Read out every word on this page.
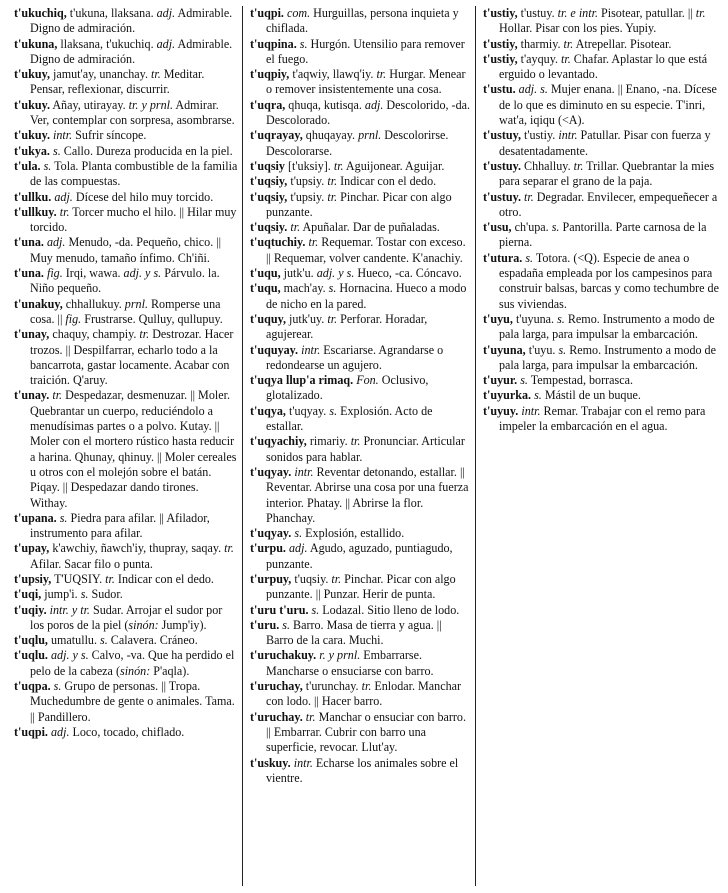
t'ukuchiq, t'ukuna, llaksana. adj. Admirable. Digno de admiración.

t'ukuna, llaksana, t'ukuchiq. adj. Admirable. Digno de admiración.

t'ukuy, jamut'ay, unanchay. tr. Meditar. Pensar, reflexionar, discurrir.

t'ukuy. Añay, utirayay. tr. y prnl. Admirar. Ver, contemplar con sorpresa, asombrarse.

t'ukuy. intr. Sufrir síncope.

t'ukya. s. Callo. Dureza producida en la piel.

t'ula. s. Tola. Planta combustible de la familia de las compuestas.

t'ullku. adj. Dícese del hilo muy torcido.

t'ullkuy. tr. Torcer mucho el hilo. || Hilar muy torcido.

t'una. adj. Menudo, -da. Pequeño, chico. || Muy menudo, tamaño ínfimo. Ch'iñi.

t'una. fig. Irqi, wawa. adj. y s. Párvulo. la. Niño pequeño.

t'unakuy, chhallukuy. prnl. Romperse una cosa. || fig. Frustrarse. Qulluy, qullupuy.

t'unay, chaquy, champiy. tr. Destrozar. Hacer trozos. || Despilfarrar, echarlo todo a la bancarrota, gastar locamente. Acabar con traición. Q'aruy.

t'unay. tr. Despedazar, desmenuzar. || Moler. Quebrantar un cuerpo, reduciéndolo a menudísimas partes o a polvo. Kutay. || Moler con el mortero rústico hasta reducir a harina. Qhunay, qhinuy. || Moler cereales u otros con el molejón sobre el batán. Piqay. || Despedazar dando tirones. Withay.

t'upana. s. Piedra para afilar. || Afilador, instrumento para afilar.

t'upay, k'awchiy, ñawch'iy, thupray, saqay. tr. Afilar. Sacar filo o punta.

t'upsiy, T'UQSIY. tr. Indicar con el dedo.

t'uqi, jump'i. s. Sudor.

t'uqiy. intr. y tr. Sudar. Arrojar el sudor por los poros de la piel (sinón: Jump'iy).

t'uqlu, umatullu. s. Calavera. Cráneo.

t'uqlu. adj. y s. Calvo, -va. Que ha perdido el pelo de la cabeza (sinón: P'aqla).

t'uqpa. s. Grupo de personas. || Tropa. Muchedumbre de gente o animales. Tama. || Pandillero.

t'uqpi. adj. Loco, tocado, chiflado.

t'uqpi. com. Hurguillas, persona inquieta y chiflada.

t'uqpina. s. Hurgón. Utensilio para remover el fuego.

t'uqpiy, t'aqwiy, llawq'iy. tr. Hurgar. Menear o remover insistentemente una cosa.

t'uqra, qhuqa, kutisqa. adj. Descolorido, -da. Descolorado.

t'uqrayay, qhuqayay. prnl. Descolorirse. Descolorarse.

t'uqsiy [t'uksiy]. tr. Aguijonear. Aguijar.

t'uqsiy, t'upsiy. tr. Indicar con el dedo.

t'uqsiy, t'upsiy. tr. Pinchar. Picar con algo punzante.

t'uqsiy. tr. Apuñalar. Dar de puñaladas.

t'uqtuchiy. tr. Requemar. Tostar con exceso. || Requemar, volver candente. K'anachiy.

t'uqu, jutk'u. adj. y s. Hueco, -ca. Cóncavo.

t'uqu, mach'ay. s. Hornacina. Hueco a modo de nicho en la pared.

t'uquy, jutk'uy. tr. Perforar. Horadar, agujerear.

t'uquyay. intr. Escariarse. Agrandarse o redondearse un agujero.

t'uqya llup'a rimaq. Fon. Oclusivo, glotalizado.

t'uqya, t'uqyay. s. Explosión. Acto de estallar.

t'uqyachiy, rimariy. tr. Pronunciar. Articular sonidos para hablar.

t'uqyay. intr. Reventar detonando, estallar. || Reventar. Abrirse una cosa por una fuerza interior. Phatay. || Abrirse la flor. Phanchay.

t'uqyay. s. Explosión, estallido.

t'urpu. adj. Agudo, aguzado, puntiagudo, punzante.

t'urpuy, t'uqsiy. tr. Pinchar. Picar con algo punzante. || Punzar. Herir de punta.

t'uru t'uru. s. Lodazal. Sitio lleno de lodo.

t'uru. s. Barro. Masa de tierra y agua. || Barro de la cara. Muchi.

t'uruchakuy. r. y prnl. Embarrarse. Mancharse o ensuciarse con barro.

t'uruchay, t'urunchay. tr. Enlodar. Manchar con lodo. || Hacer barro.

t'uruchay. tr. Manchar o ensuciar con barro. || Embarrar. Cubrir con barro una superficie, revocar. Llut'ay.

t'uskuy. intr. Echarse los animales sobre el vientre.

t'ustiy, t'ustuy. tr. e intr. Pisotear, patullar. || tr. Hollar. Pisar con los pies. Yupiy.

t'ustiy, tharmiy. tr. Atrepellar. Pisotear.

t'ustiy, t'ayquy. tr. Chafar. Aplastar lo que está erguido o levantado.

t'ustu. adj. s. Mujer enana. || Enano, -na. Dícese de lo que es diminuto en su especie. T'inri, wat'a, iqiqu (<A).

t'ustuy, t'ustiy. intr. Patullar. Pisar con fuerza y desatentadamente.

t'ustuy. Chhalluy. tr. Trillar. Quebrantar la mies para separar el grano de la paja.

t'ustuy. tr. Degradar. Envilecer, empequeñecer a otro.

t'usu, ch'upa. s. Pantorilla. Parte carnosa de la pierna.

t'utura. s. Totora. (<Q). Especie de anea o espadaña empleada por los campesinos para construir balsas, barcas y como techumbre de sus viviendas.

t'uyu, t'uyuna. s. Remo. Instrumento a modo de pala larga, para impulsar la embarcación.

t'uyuna, t'uyu. s. Remo. Instrumento a modo de pala larga, para impulsar la embarcación.

t'uyur. s. Tempestad, borrasca.

t'uyurka. s. Mástil de un buque.

t'uyuy. intr. Remar. Trabajar con el remo para impeler la embarcación en el agua.
